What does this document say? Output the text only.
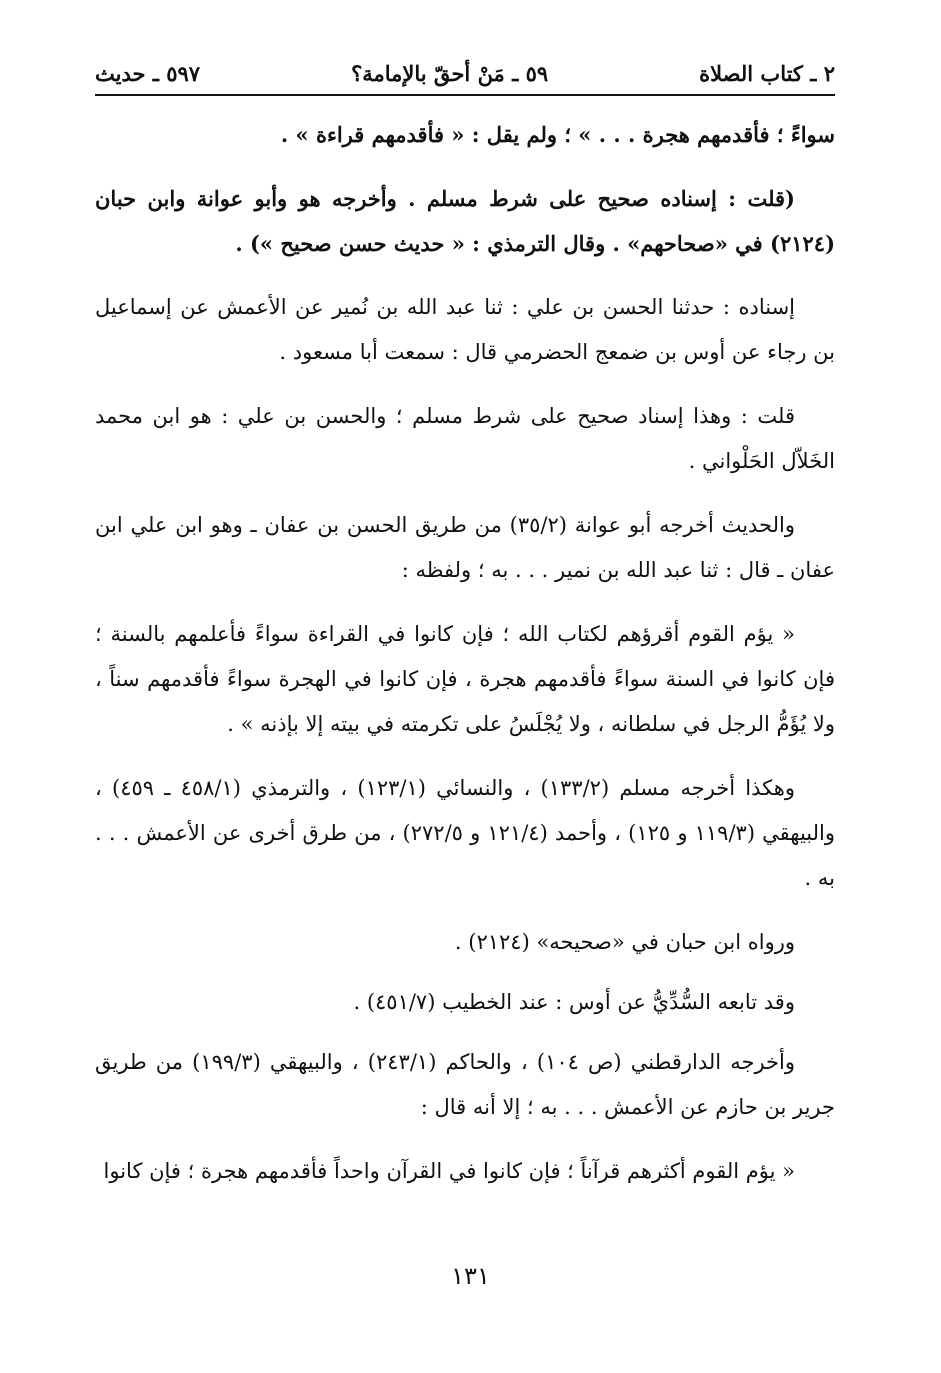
٢ ـ كتاب الصلاة
٥٩ ـ مَنْ أحقّ بالإمامة؟
٥٩٧ ـ حديث

سواءً ؛ فأقدمهم هجرة . . . » ؛ ولم يقل : « فأقدمهم قراءة » .

(قلت : إسناده صحيح على شرط مسلم . وأخرجه هو وأبو عوانة وابن حبان (٢١٢٤) في «صحاحهم» . وقال الترمذي : « حديث حسن صحيح ») .

إسناده : حدثنا الحسن بن علي : ثنا عبد الله بن نُمير عن الأعمش عن إسماعيل بن رجاء عن أوس بن ضمعج الحضرمي قال : سمعت أبا مسعود .

قلت : وهذا إسناد صحيح على شرط مسلم ؛ والحسن بن علي : هو ابن محمد الخَلاّل الحَلْواني .

والحديث أخرجه أبو عوانة (٣٥/٢) من طريق الحسن بن عفان ـ وهو ابن علي ابن عفان ـ قال : ثنا عبد الله بن نمير . . . به ؛ ولفظه :

« يؤم القوم أقرؤهم لكتاب الله ؛ فإن كانوا في القراءة سواءً فأعلمهم بالسنة ؛ فإن كانوا في السنة سواءً فأقدمهم هجرة ، فإن كانوا في الهجرة سواءً فأقدمهم سناً ، ولا يُؤَمُّ الرجل في سلطانه ، ولا يُجْلَسُ على تكرمته في بيته إلا بإذنه » .

وهكذا أخرجه مسلم (١٣٣/٢) ، والنسائي (١٢٣/١) ، والترمذي (٤٥٨/١ ـ ٤٥٩) ، والبيهقي (١١٩/٣ و ١٢٥) ، وأحمد (١٢١/٤ و ٢٧٢/٥) ، من طرق أخرى عن الأعمش . . . به .

ورواه ابن حبان في «صحيحه» (٢١٢٤) .

وقد تابعه السُّدِّيُّ عن أوس : عند الخطيب (٤٥١/٧) .

وأخرجه الدارقطني (ص ١٠٤) ، والحاكم (٢٤٣/١) ، والبيهقي (١٩٩/٣) من طريق جرير بن حازم عن الأعمش . . . به ؛ إلا أنه قال :

« يؤم القوم أكثرهم قرآناً ؛ فإن كانوا في القرآن واحداً فأقدمهم هجرة ؛ فإن كانوا

١٣١
